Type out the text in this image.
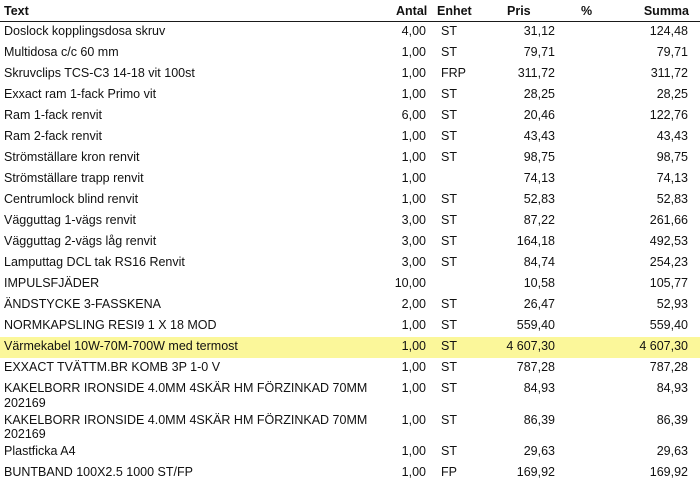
Text	Antal Enhet	Pris	%	Summa
Doslock kopplingsdosa skruv	4,00 ST	31,12	124,48
Multidosa c/c 60 mm	1,00 ST	79,71	79,71
Skruvclips TCS-C3 14-18 vit 100st	1,00 FRP	311,72	311,72
Exxact ram 1-fack Primo vit	1,00 ST	28,25	28,25
Ram 1-fack renvit	6,00 ST	20,46	122,76
Ram 2-fack renvit	1,00 ST	43,43	43,43
Strömställare kron renvit	1,00 ST	98,75	98,75
Strömställare trapp renvit	1,00	74,13	74,13
Centrumlock blind renvit	1,00 ST	52,83	52,83
Vägguttag 1-vägs renvit	3,00 ST	87,22	261,66
Vägguttag 2-vägs låg renvit	3,00 ST	164,18	492,53
Lamputtag DCL tak RS16 Renvit	3,00 ST	84,74	254,23
IMPULSFJÄDER	10,00	10,58	105,77
ÄNDSTYCKE 3-FASSKENA	2,00 ST	26,47	52,93
NORMKAPSLING RESI9 1 X 18 MOD	1,00 ST	559,40	559,40
Värmekabel 10W-70M-700W med termost	1,00 ST	4 607,30	4 607,30
EXXACT TVÄTTM.BR KOMB 3P 1-0 V	1,00 ST	787,28	787,28
KAKELBORR IRONSIDE 4.0MM 4SKÄR HM FÖRZINKAD 70MM
202169
1,00 ST	84,93	84,93
KAKELBORR IRONSIDE 4.0MM 4SKÄR HM FÖRZINKAD 70MM
202169
1,00 ST	86,39	86,39
Plastficka A4	1,00 ST	29,63	29,63
BUNTBAND 100X2.5 1000 ST/FP	1,00 FP	169,92	169,92
